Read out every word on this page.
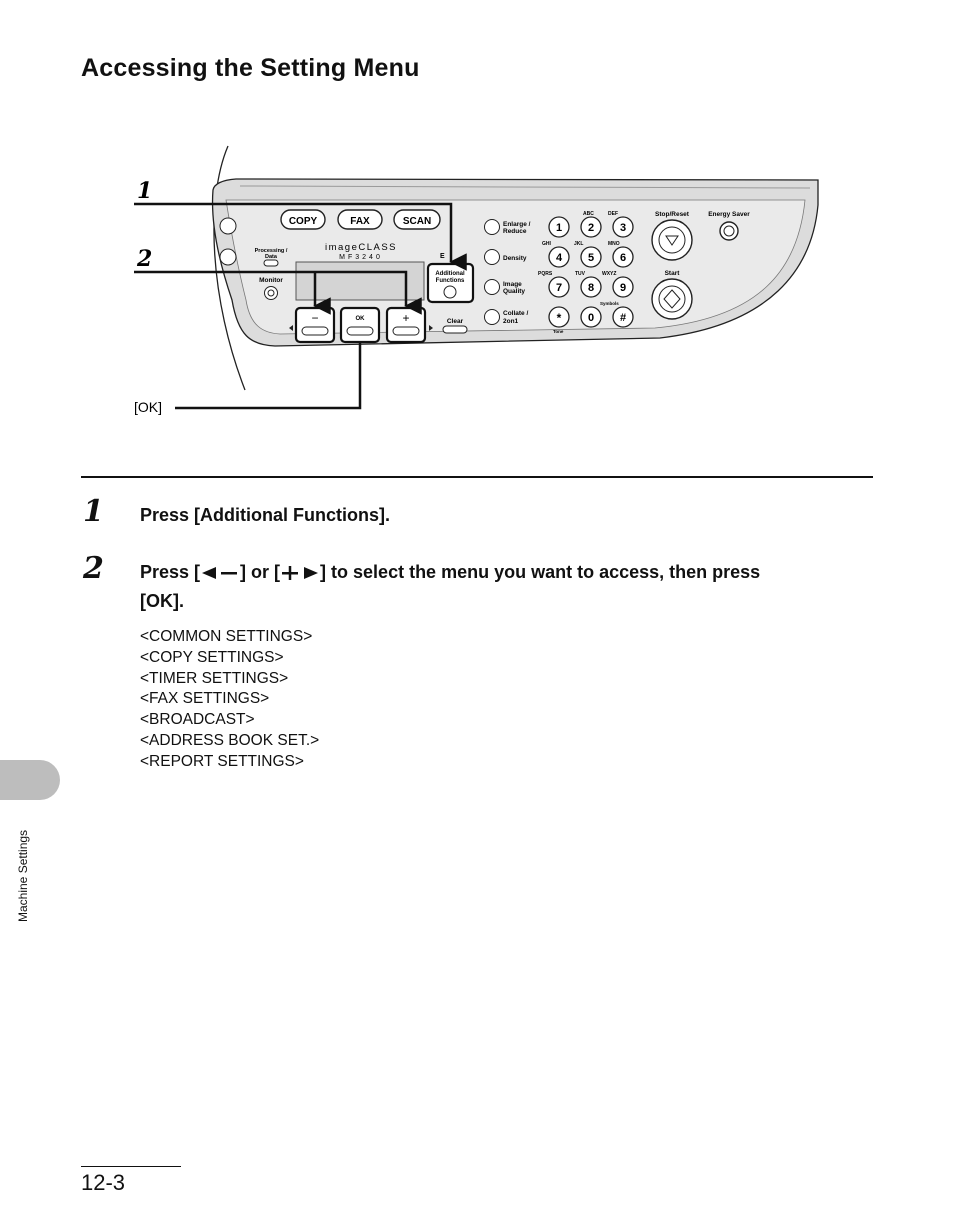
Accessing the Setting Menu
COPY	FAX	SCAN
Processing /
Data
Monitor
imageCLASS
MF3240	E
Additional
Functions
−	OK	+	Clear
Enlarge /
Reduce
Density
Image
Quality
Collate /
2on1
1 2
ABC
3
DEF
4
GHI
5
JKL
6
MNO
7
PQRS
8
TUV
9
WXYZ
*
Tone
0 #
Symbols
Stop/Reset	Energy Saver
Start
1
2
[OK]
1 Press [Additional Functions].
2 Press [ ] or [ ] to select the menu you want to access, then press
[OK].
<COMMON SETTINGS>
<COPY SETTINGS>
<TIMER SETTINGS>
<FAX SETTINGS>
<BROADCAST>
<ADDRESS BOOK SET.>
<REPORT SETTINGS>
Machine Settings
12-3
